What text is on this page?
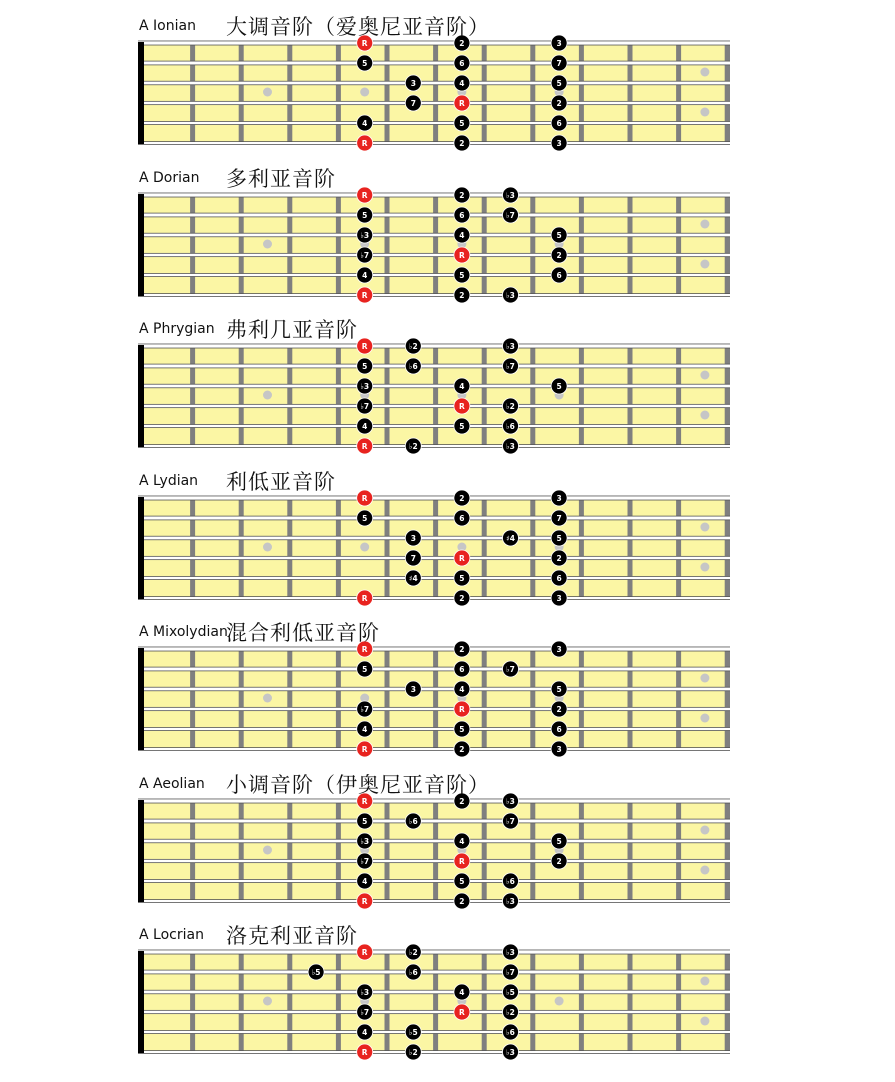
R	2	3
5	6	7
3	4	5
7	R	2
4	5	6
R	2	3
A Ionian 大调音阶（爱奥尼亚音阶）
R	2	♭3
5	6	♭7
♭3	4	5
♭7	R	2
4	5	6
R	2	♭3
A Dorian 多利亚音阶
R	♭2	♭3
5	♭6	♭7
♭3	4	5
♭7	R	♭2
4	5	♭6
R	♭2	♭3
A Phrygian 弗利几亚音阶
R	2	3
5	6	7
3	♯4	5
7	R	2
♯4	5	6
R	2	3
A Lydian 利低亚音阶
R	2	3
5	6	♭7
3	4	5
♭7	R	2
4	5	6
R	2	3
A Mixolydian
混合利低亚音阶
R	2	♭3
5	♭6	♭7
♭3	4	5
♭7	R	2
4	5	♭6
R	2	♭3
A Aeolian 小调音阶（伊奥尼亚音阶）
R	♭2	♭3
♭5	♭6	♭7
♭3	4	♭5
♭7	R	♭2
4	♭5	♭6
R	♭2	♭3
A Locrian 洛克利亚音阶
